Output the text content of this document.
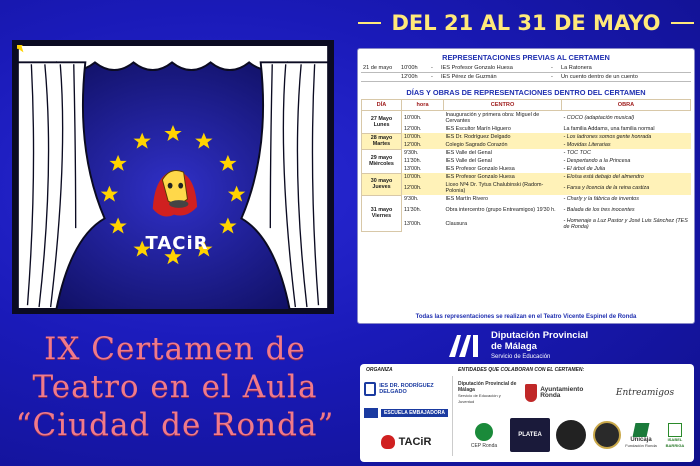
TACiR
IX Certamen de
Teatro en el Aula
“Ciudad de Ronda”
DEL 21 AL 31 DE MAYO
REPRESENTACIONES PREVIAS AL CERTAMEN
21 de mayo	10'00h	-	IES Profesor Gonzalo Huesa	-	La Ratonera
	12'00h	-	IES Pérez de Guzmán	-	Un cuento dentro de un cuento
DÍAS Y OBRAS DE REPRESENTACIONES DENTRO DEL CERTAMEN
DÍA	hora	CENTRO	OBRA
27 Mayo Lunes	10'00h.	Inauguración y primera obra: Miguel de Cervantes	- COCO (adaptación musical)
	12'00h.	IES Escultor Marín Higuero	La familia Addams, una familia normal
28 mayo Martes	10'00h.	IES Dr. Rodríguez Delgado	- Los ladrones somos gente honrada
	12'00h.	Colegio Sagrado Corazón	- Movidas Literarias
29 mayo Miércoles	9'30h.	IES Valle del Genal	- TOC TOC
	11'30h.	IES Valle del Genal	- Despertando a la Princesa
	13'00h.	IES Profesor Gonzalo Huesa	- El árbol de Julia
30 mayo Jueves	10'00h.	IES Profesor Gonzalo Huesa	- Eloísa está debajo del almendro
	12'00h.	Liceo Nº4 Dr. Tytus Chalubinski (Radom- Polonia)	- Farsa y licencia de la reina castiza
31 mayo Viernes	9'30h.	IES Martín Rivero	- Charly y la fábrica de inventos
	11'30h.	Obra intercentro (grupo Entreamigos) 19'30 h.	- Balada de los tres inocentes
	13'00h.	Clausura	- Homenaje a Luz Pastor y José Luis Sánchez (TES de Ronda)
Todas las representaciones se realizan en el Teatro Vicente Espinel de Ronda
Diputación Provincial
de Málaga
Servicio de Educación
ORGANIZA	ENTIDADES QUE COLABORAN CON EL CERTAMEN:
IES DR. RODRÍGUEZ DELGADO
ESCUELA EMBAJADORA
TACiR
Diputación Provincial de Málaga
Servicio de Educación y Juventud
Ayuntamiento Ronda	Entreamigos
CEP Ronda
PLATEA
Unicaja
Fundación Ronda
ISABEL BARRIGA
